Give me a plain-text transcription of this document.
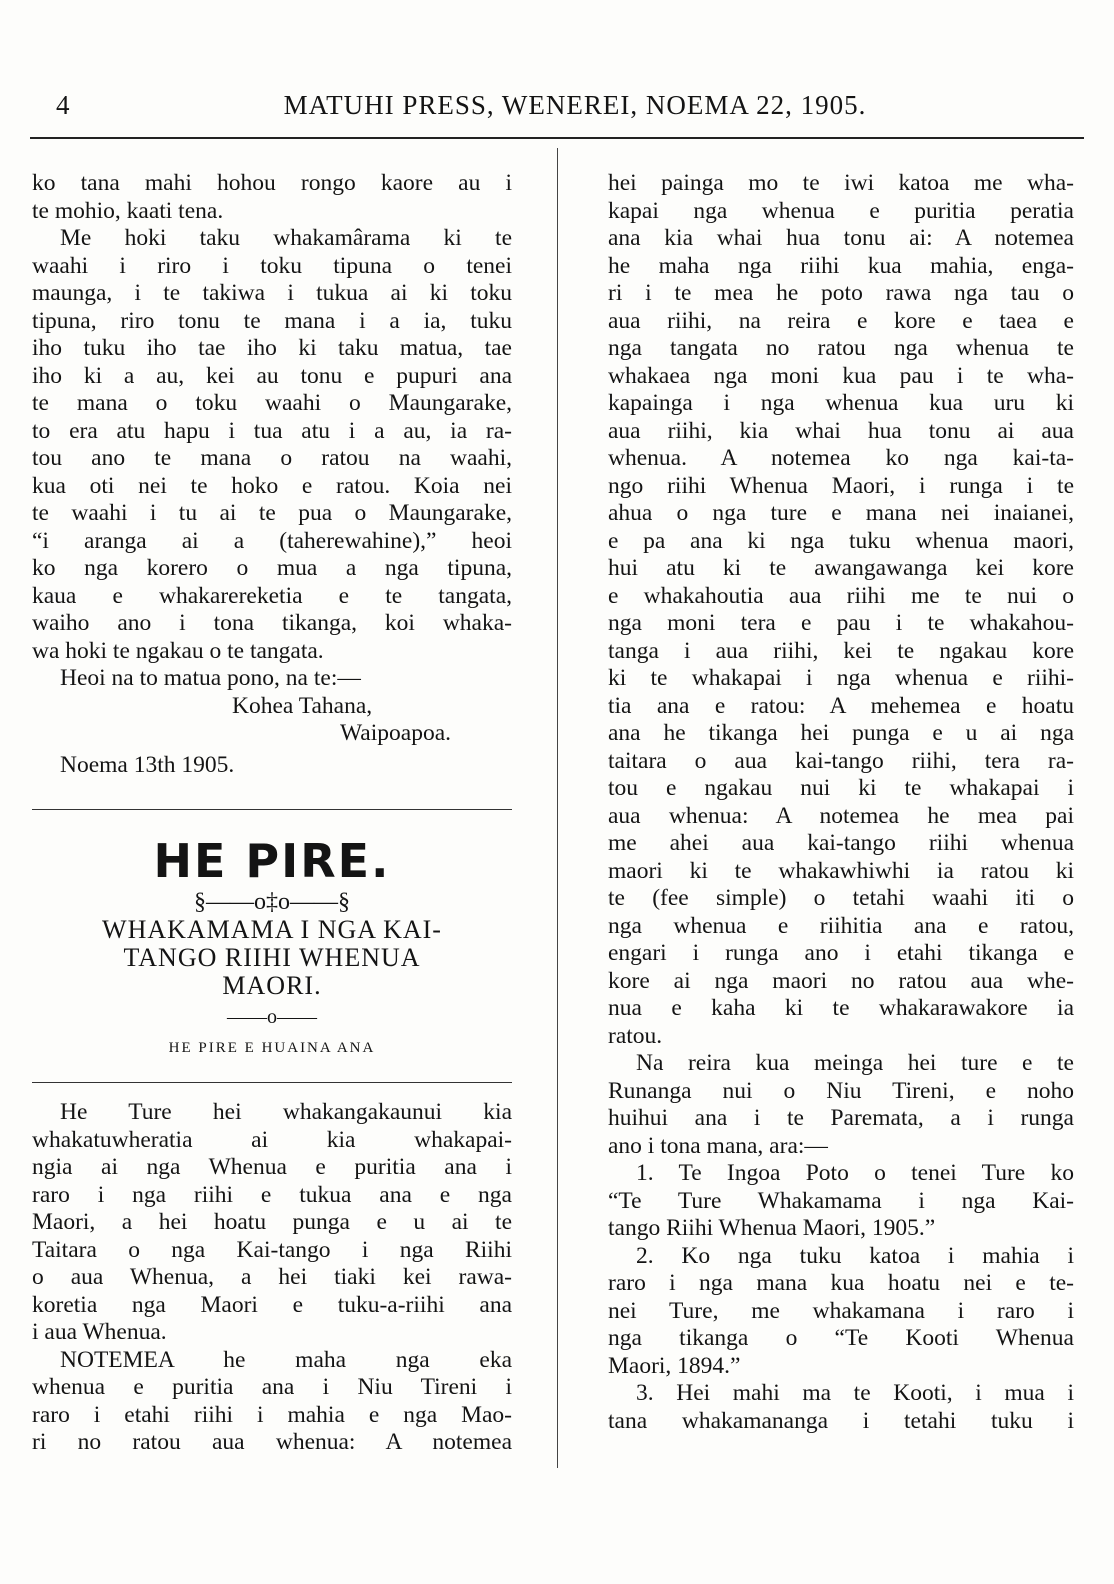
4	MATUHI PRESS, WENEREI, NOEMA 22, 1905.
ko tana mahi hohou rongo kaore au i
te mohio, kaati tena.
Me hoki taku whakamârama ki te
waahi i riro i toku tipuna o tenei
maunga, i te takiwa i tukua ai ki toku
tipuna, riro tonu te mana i a ia, tuku
iho tuku iho tae iho ki taku matua, tae
iho ki a au, kei au tonu e pupuri ana
te mana o toku waahi o Maungarake,
to era atu hapu i tua atu i a au, ia ra-
tou ano te mana o ratou na waahi,
kua oti nei te hoko e ratou. Koia nei
te waahi i tu ai te pua o Maungarake,
“i aranga ai a (taherewahine),” heoi
ko nga korero o mua a nga tipuna,
kaua e whakarereketia e te tangata,
waiho ano i tona tikanga, koi whaka-
wa hoki te ngakau o te tangata.
Heoi na to matua pono, na te:—
Kohea Tahana,
Waipoapoa.
Noema 13th 1905.
HE PIRE.
§——o‡o——§
WHAKAMAMA I NGA KAI-
TANGO RIIHI WHENUA
MAORI.
——o——
HE PIRE E HUAINA ANA
He Ture hei whakangakaunui kia
whakatuwheratia ai kia whakapai-
ngia ai nga Whenua e puritia ana i
raro i nga riihi e tukua ana e nga
Maori, a hei hoatu punga e u ai te
Taitara o nga Kai-tango i nga Riihi
o aua Whenua, a hei tiaki kei rawa-
koretia nga Maori e tuku-a-riihi ana
i aua Whenua.
NOTEMEA he maha nga eka
whenua e puritia ana i Niu Tireni i
raro i etahi riihi i mahia e nga Mao-
ri no ratou aua whenua: A notemea
hei painga mo te iwi katoa me wha-
kapai nga whenua e puritia peratia
ana kia whai hua tonu ai: A notemea
he maha nga riihi kua mahia, enga-
ri i te mea he poto rawa nga tau o
aua riihi, na reira e kore e taea e
nga tangata no ratou nga whenua te
whakaea nga moni kua pau i te wha-
kapainga i nga whenua kua uru ki
aua riihi, kia whai hua tonu ai aua
whenua. A notemea ko nga kai-ta-
ngo riihi Whenua Maori, i runga i te
ahua o nga ture e mana nei inaianei,
e pa ana ki nga tuku whenua maori,
hui atu ki te awangawanga kei kore
e whakahoutia aua riihi me te nui o
nga moni tera e pau i te whakahou-
tanga i aua riihi, kei te ngakau kore
ki te whakapai i nga whenua e riihi-
tia ana e ratou: A mehemea e hoatu
ana he tikanga hei punga e u ai nga
taitara o aua kai-tango riihi, tera ra-
tou e ngakau nui ki te whakapai i
aua whenua: A notemea he mea pai
me ahei aua kai-tango riihi whenua
maori ki te whakawhiwhi ia ratou ki
te (fee simple) o tetahi waahi iti o
nga whenua e riihitia ana e ratou,
engari i runga ano i etahi tikanga e
kore ai nga maori no ratou aua whe-
nua e kaha ki te whakarawakore ia
ratou.
Na reira kua meinga hei ture e te
Runanga nui o Niu Tireni, e noho
huihui ana i te Paremata, a i runga
ano i tona mana, ara:—
1. Te Ingoa Poto o tenei Ture ko
“Te Ture Whakamama i nga Kai-
tango Riihi Whenua Maori, 1905.”
2. Ko nga tuku katoa i mahia i
raro i nga mana kua hoatu nei e te-
nei Ture, me whakamana i raro i
nga tikanga o “Te Kooti Whenua
Maori, 1894.”
3. Hei mahi ma te Kooti, i mua i
tana whakamananga i tetahi tuku i
